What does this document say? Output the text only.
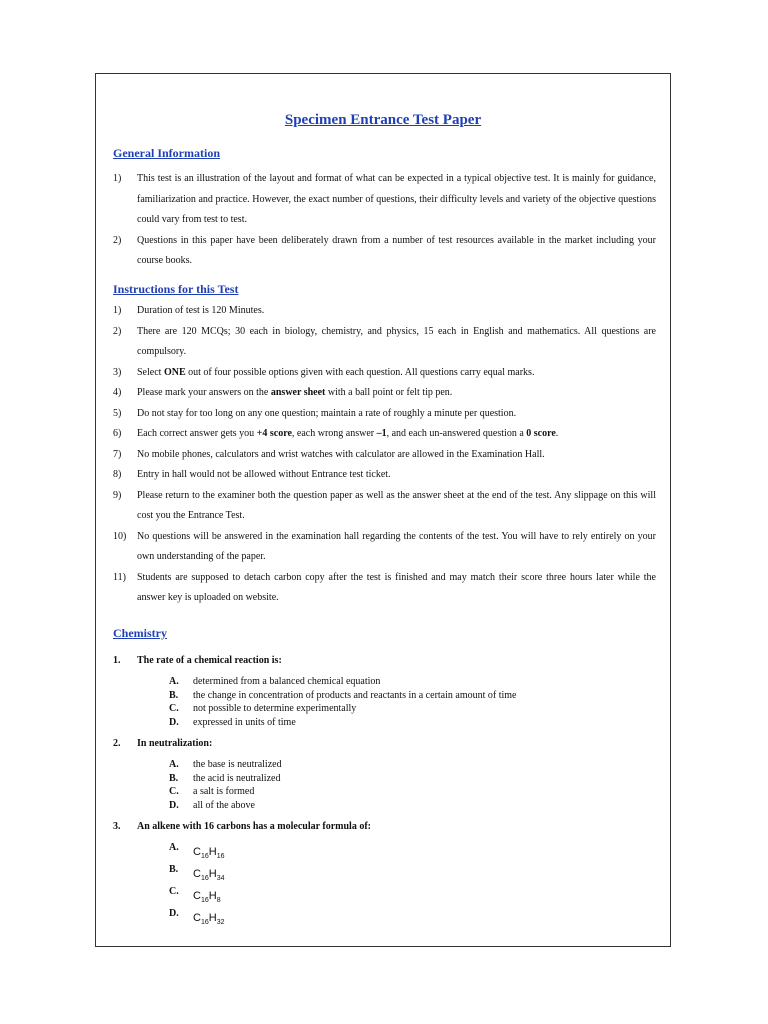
Specimen Entrance Test Paper
General Information
1)	This test is an illustration of the layout and format of what can be expected in a typical objective test. It is mainly for guidance, familiarization and practice. However, the exact number of questions, their difficulty levels and variety of the objective questions could vary from test to test.
2)	Questions in this paper have been deliberately drawn from a number of test resources available in the market including your course books.
Instructions for this Test
1)	Duration of test is 120 Minutes.
2)	There are 120 MCQs; 30 each in biology, chemistry, and physics, 15 each in English and mathematics. All questions are compulsory.
3)	Select ONE out of four possible options given with each question. All questions carry equal marks.
4)	Please mark your answers on the answer sheet with a ball point or felt tip pen.
5)	Do not stay for too long on any one question; maintain a rate of roughly a minute per question.
6)	Each correct answer gets you +4 score, each wrong answer –1, and each un-answered question a 0 score.
7)	No mobile phones, calculators and wrist watches with calculator are allowed in the Examination Hall.
8)	Entry in hall would not be allowed without Entrance test ticket.
9)	Please return to the examiner both the question paper as well as the answer sheet at the end of the test. Any slippage on this will cost you the Entrance Test.
10)	No questions will be answered in the examination hall regarding the contents of the test. You will have to rely entirely on your own understanding of the paper.
11)	Students are supposed to detach carbon copy after the test is finished and may match their score three hours later while the answer key is uploaded on website.
Chemistry
1.	The rate of a chemical reaction is:
A.	determined from a balanced chemical equation
B.	the change in concentration of products and reactants in a certain amount of time
C.	not possible to determine experimentally
D.	expressed in units of time
2.	In neutralization:
A.	the base is neutralized
B.	the acid is neutralized
C.	a salt is formed
D.	all of the above
3.	An alkene with 16 carbons has a molecular formula of:
A.	$C_{16}H_{16}$
B.	$C_{16}H_{34}$
C.	$C_{16}H_8$
D.	$C_{16}H_{32}$
